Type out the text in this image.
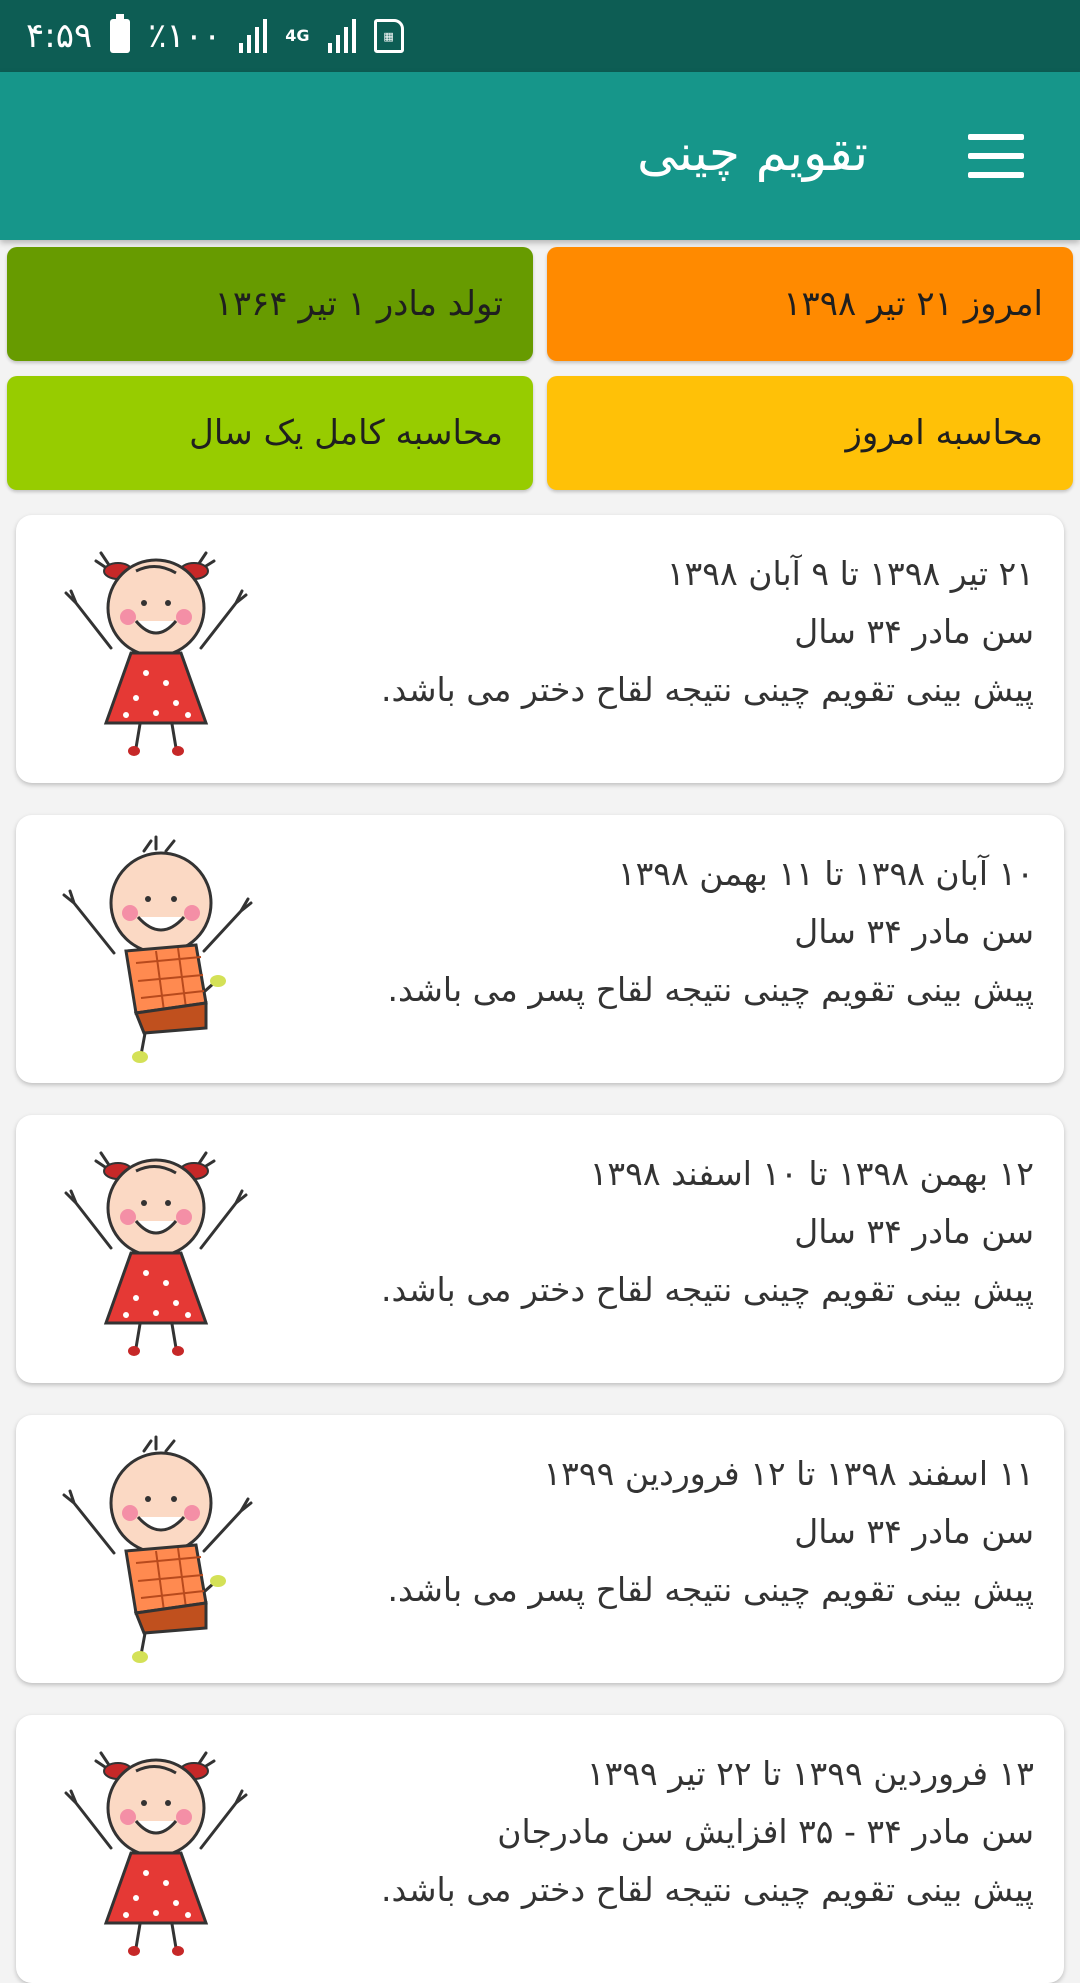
۴:۵۹ ٪۱۰۰	4G	▦
تقویم چینی
امروز ۲۱ تیر ۱۳۹۸
تولد مادر ۱ تیر ۱۳۶۴
محاسبه امروز
محاسبه کامل یک سال
۲۱ تیر ۱۳۹۸ تا ۹ آبان ۱۳۹۸
سن مادر ۳۴ سال
پیش بینی تقویم چینی نتیجه لقاح دختر می باشد.
۱۰ آبان ۱۳۹۸ تا ۱۱ بهمن ۱۳۹۸
سن مادر ۳۴ سال
پیش بینی تقویم چینی نتیجه لقاح پسر می باشد.
۱۲ بهمن ۱۳۹۸ تا ۱۰ اسفند ۱۳۹۸
سن مادر ۳۴ سال
پیش بینی تقویم چینی نتیجه لقاح دختر می باشد.
۱۱ اسفند ۱۳۹۸ تا ۱۲ فروردین ۱۳۹۹
سن مادر ۳۴ سال
پیش بینی تقویم چینی نتیجه لقاح پسر می باشد.
۱۳ فروردین ۱۳۹۹ تا ۲۲ تیر ۱۳۹۹
سن مادر ۳۴ - ۳۵ افزایش سن مادرجان
پیش بینی تقویم چینی نتیجه لقاح دختر می باشد.
